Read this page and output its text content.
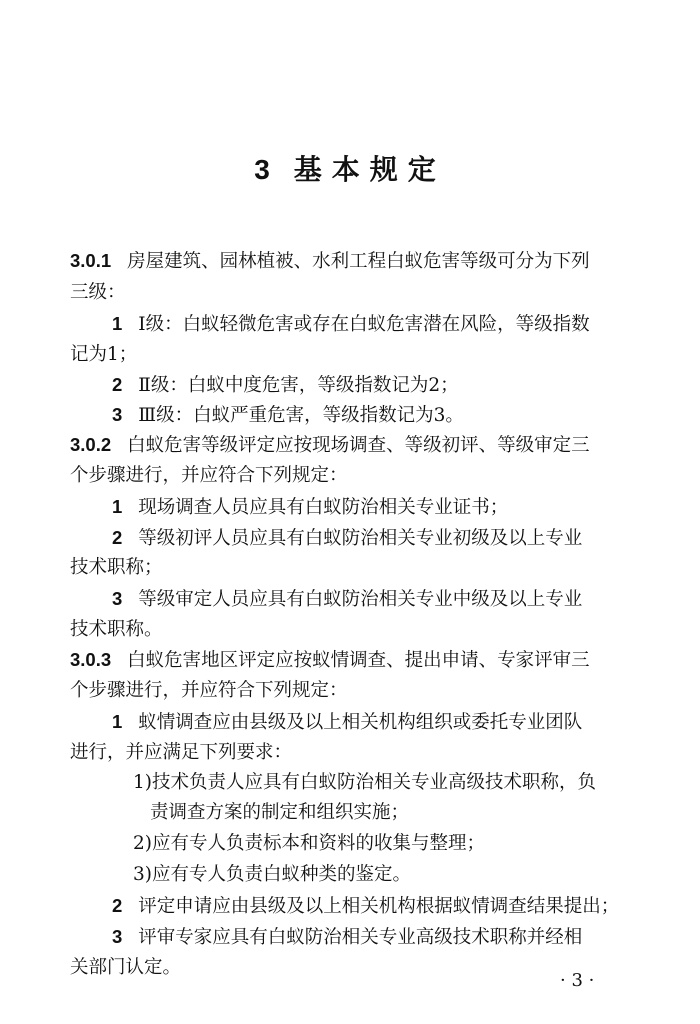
3 基本规定
3.0.1 房屋建筑、园林植被、水利工程白蚁危害等级可分为下列
三级：
1 Ⅰ级：白蚁轻微危害或存在白蚁危害潜在风险，等级指数
记为1；
2 Ⅱ级：白蚁中度危害，等级指数记为2；
3 Ⅲ级：白蚁严重危害，等级指数记为3。
3.0.2 白蚁危害等级评定应按现场调查、等级初评、等级审定三
个步骤进行，并应符合下列规定：
1 现场调查人员应具有白蚁防治相关专业证书；
2 等级初评人员应具有白蚁防治相关专业初级及以上专业
技术职称；
3 等级审定人员应具有白蚁防治相关专业中级及以上专业
技术职称。
3.0.3 白蚁危害地区评定应按蚁情调查、提出申请、专家评审三
个步骤进行，并应符合下列规定：
1 蚁情调查应由县级及以上相关机构组织或委托专业团队
进行，并应满足下列要求：
1)技术负责人应具有白蚁防治相关专业高级技术职称，负
责调查方案的制定和组织实施；
2)应有专人负责标本和资料的收集与整理；
3)应有专人负责白蚁种类的鉴定。
2 评定申请应由县级及以上相关机构根据蚁情调查结果提出；
3 评审专家应具有白蚁防治相关专业高级技术职称并经相
关部门认定。
· 3 ·
